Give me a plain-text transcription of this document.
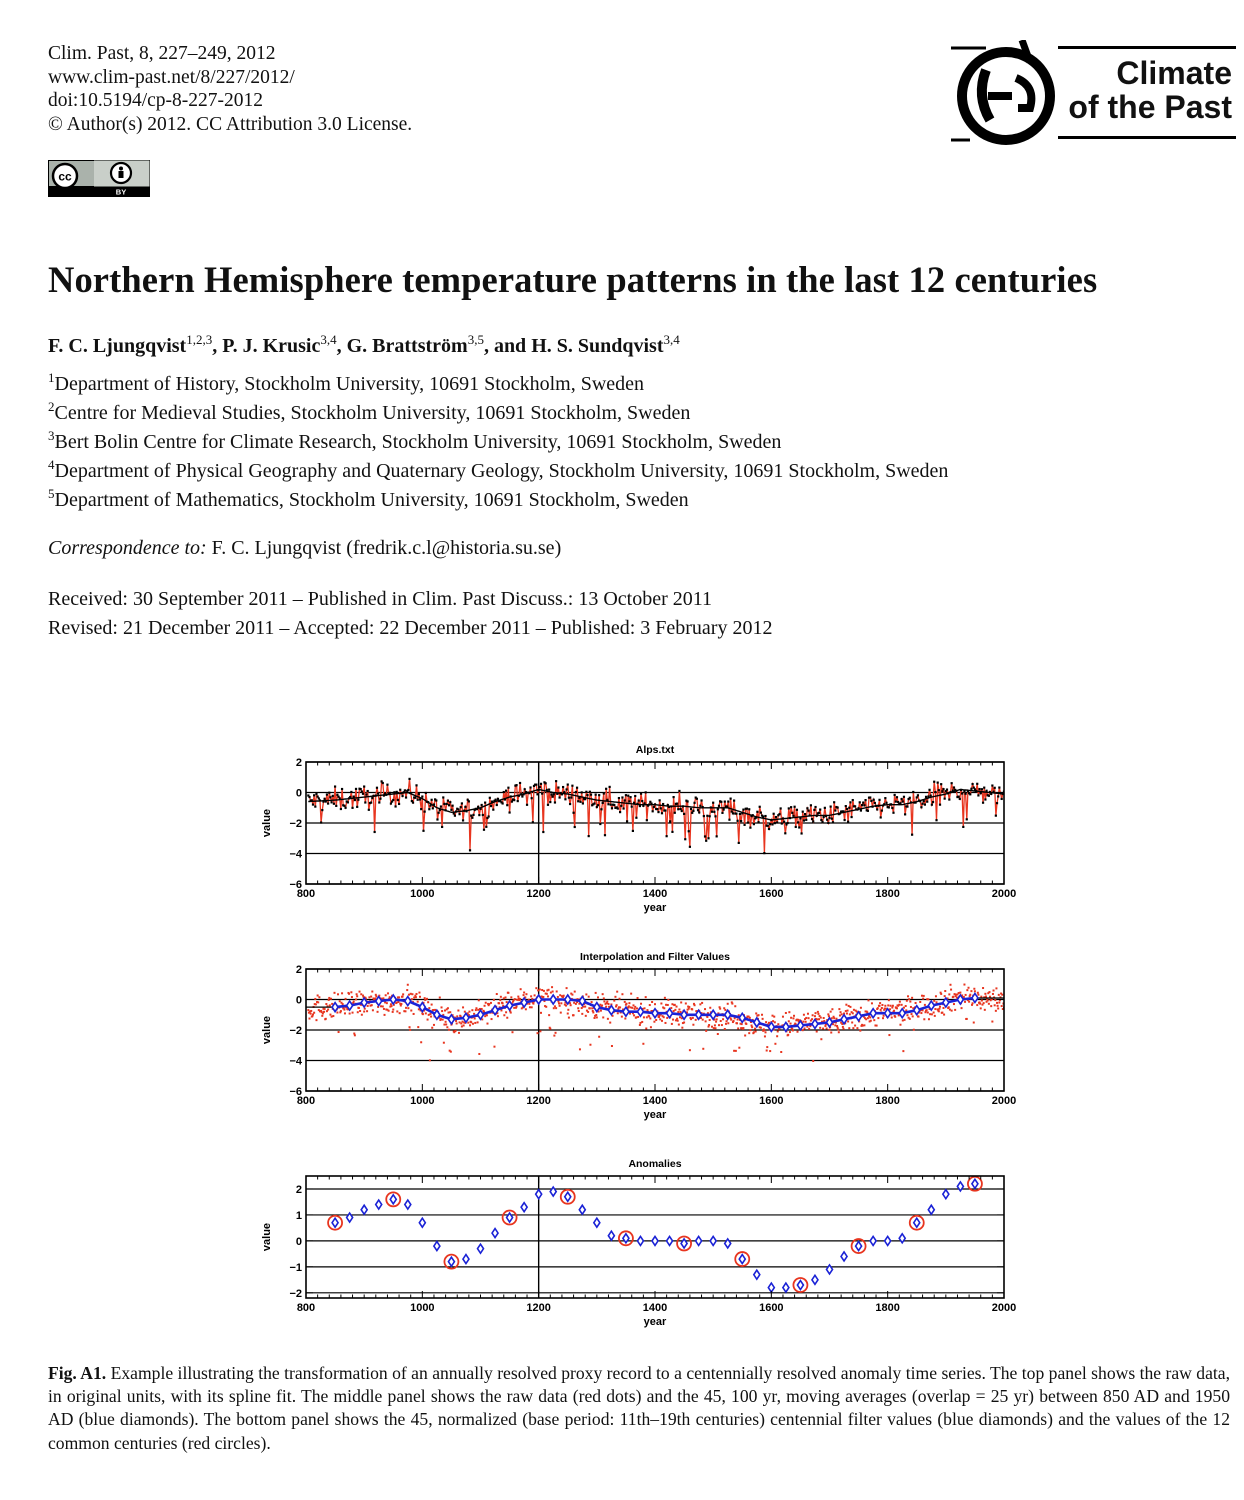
Clim. Past, 8, 227–249, 2012
www.clim-past.net/8/227/2012/
doi:10.5194/cp-8-227-2012
© Author(s) 2012. CC Attribution 3.0 License.
cc
BY
Climate
of the Past
Northern Hemisphere temperature patterns in the last 12 centuries
F. C. Ljungqvist$^{1,2,3}$, P. J. Krusic$^{3,4}$, G. Brattström$^{3,5}$, and H. S. Sundqvist$^{3,4}$
$^1$Department of History, Stockholm University, 10691 Stockholm, Sweden
$^2$Centre for Medieval Studies, Stockholm University, 10691 Stockholm, Sweden
$^3$Bert Bolin Centre for Climate Research, Stockholm University, 10691 Stockholm, Sweden
$^4$Department of Physical Geography and Quaternary Geology, Stockholm University, 10691 Stockholm, Sweden
$^5$Department of Mathematics, Stockholm University, 10691 Stockholm, Sweden
Correspondence to: F. C. Ljungqvist (fredrik.c.l@historia.su.se)
Received: 30 September 2011 – Published in Clim. Past Discuss.: 13 October 2011
Revised: 21 December 2011 – Accepted: 22 December 2011 – Published: 3 February 2012
Alps.txt
800	1000	1200	1400	1600	1800	2000
2
0
−2
−4
−6
year
value
Interpolation and Filter Values
800	1000	1200	1400	1600	1800	2000
2
0
−2
−4
−6
year
value
Anomalies
800	1000	1200	1400	1600	1800	2000
2
1
0
−1
−2
year
value
Fig. A1. Example illustrating the transformation of an annually resolved proxy record to a centennially resolved anomaly time series. The top panel shows the raw data, in original units, with its spline fit. The middle panel shows the raw data (red dots) and the 45, 100 yr, moving averages (overlap = 25 yr) between 850 AD and 1950 AD (blue diamonds). The bottom panel shows the 45, normalized (base period: 11th–19th centuries) centennial filter values (blue diamonds) and the values of the 12 common centuries (red circles).
